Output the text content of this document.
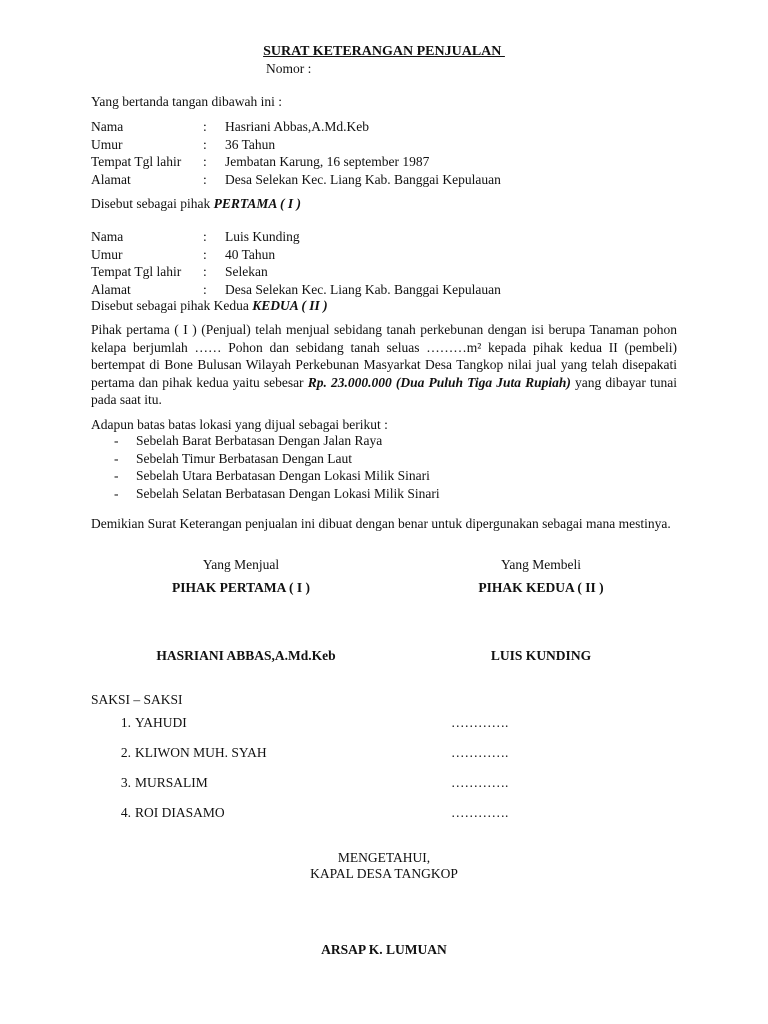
SURAT KETERANGAN PENJUALAN
Nomor :
Yang bertanda tangan dibawah ini :
Nama	:	Hasriani Abbas,A.Md.Keb
Umur	:	36 Tahun
Tempat Tgl lahir	:	Jembatan Karung, 16 september 1987
Alamat	:	Desa Selekan Kec. Liang Kab. Banggai Kepulauan
Disebut sebagai pihak PERTAMA ( I )
Nama	:	Luis Kunding
Umur	:	40 Tahun
Tempat Tgl lahir	:	Selekan
Alamat	:	Desa Selekan Kec. Liang Kab. Banggai Kepulauan
Disebut sebagai pihak Kedua KEDUA ( II )
Pihak pertama ( I ) (Penjual) telah menjual sebidang tanah perkebunan dengan isi berupa Tanaman pohon kelapa berjumlah …… Pohon dan sebidang tanah seluas ………m² kepada pihak kedua II (pembeli) bertempat di Bone Bulusan Wilayah Perkebunan Masyarkat Desa Tangkop nilai jual yang telah disepakati pertama dan pihak kedua yaitu sebesar Rp. 23.000.000 (Dua Puluh Tiga Juta Rupiah) yang dibayar tunai pada saat itu.
Adapun batas batas lokasi yang dijual sebagai berikut :
- Sebelah Barat Berbatasan Dengan Jalan Raya
- Sebelah Timur Berbatasan Dengan Laut
- Sebelah Utara Berbatasan Dengan Lokasi Milik Sinari
- Sebelah Selatan Berbatasan Dengan Lokasi Milik Sinari
Demikian Surat Keterangan penjualan ini dibuat dengan benar untuk dipergunakan sebagai mana mestinya.
Yang Menjual	Yang Membeli
PIHAK PERTAMA ( I )	PIHAK KEDUA ( II )
HASRIANI ABBAS,A.Md.Keb	LUIS KUNDING
SAKSI – SAKSI
1. YAHUDI	………….
2. KLIWON MUH. SYAH	………….
3. MURSALIM	………….
4. ROI DIASAMO	………….
MENGETAHUI,
KAPAL DESA TANGKOP
ARSAP K. LUMUAN
